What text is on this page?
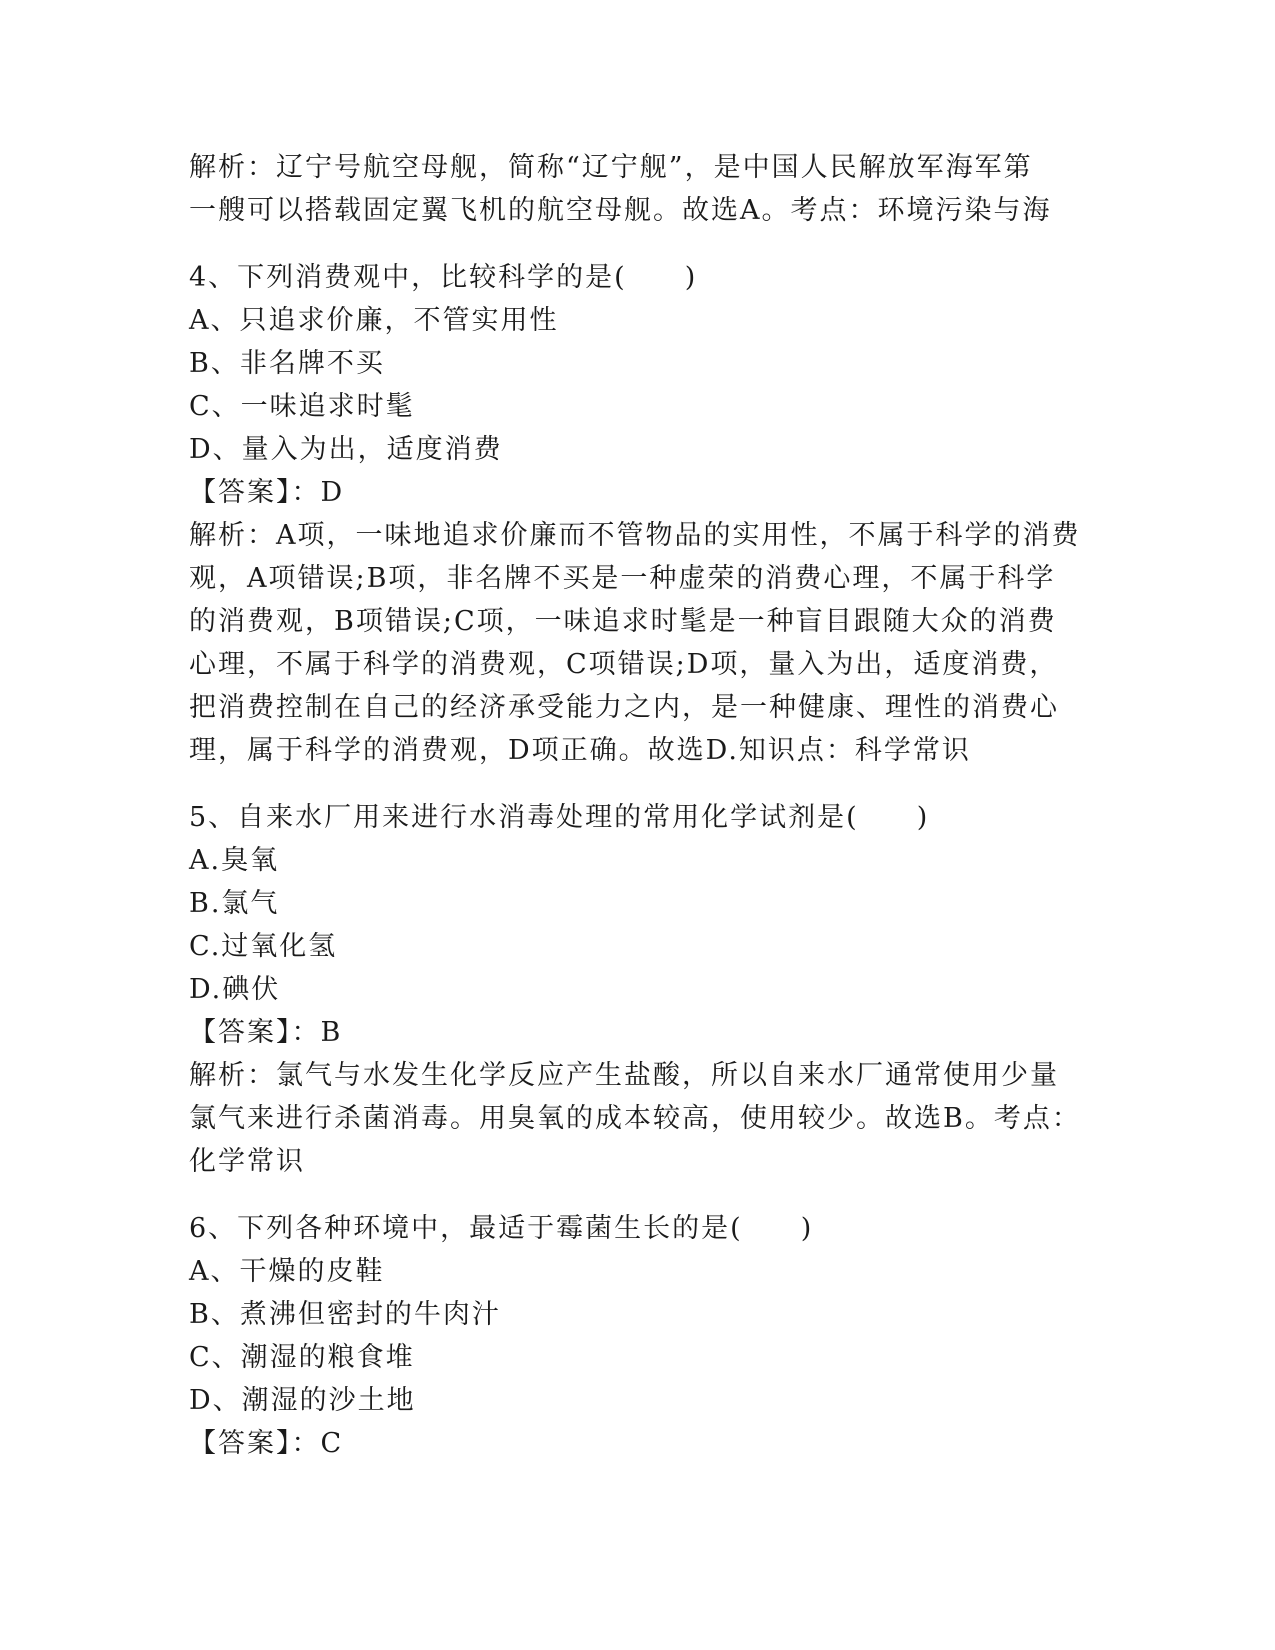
解析：辽宁号航空母舰，简称“辽宁舰”，是中国人民解放军海军第
一艘可以搭载固定翼飞机的航空母舰。故选A。考点：环境污染与海
4、下列消费观中，比较科学的是(　　)
A、只追求价廉，不管实用性
B、非名牌不买
C、一味追求时髦
D、量入为出，适度消费
【答案】：D
解析：A项，一味地追求价廉而不管物品的实用性，不属于科学的消费
观，A项错误;B项，非名牌不买是一种虚荣的消费心理，不属于科学
的消费观，B项错误;C项，一味追求时髦是一种盲目跟随大众的消费
心理，不属于科学的消费观，C项错误;D项，量入为出，适度消费，
把消费控制在自己的经济承受能力之内，是一种健康、理性的消费心
理，属于科学的消费观，D项正确。故选D.知识点：科学常识
5、自来水厂用来进行水消毒处理的常用化学试剂是(　　)
A.臭氧
B.氯气
C.过氧化氢
D.碘伏
【答案】：B
解析：氯气与水发生化学反应产生盐酸，所以自来水厂通常使用少量
氯气来进行杀菌消毒。用臭氧的成本较高，使用较少。故选B。考点：
化学常识
6、下列各种环境中，最适于霉菌生长的是(　　)
A、干燥的皮鞋
B、煮沸但密封的牛肉汁
C、潮湿的粮食堆
D、潮湿的沙土地
【答案】：C
